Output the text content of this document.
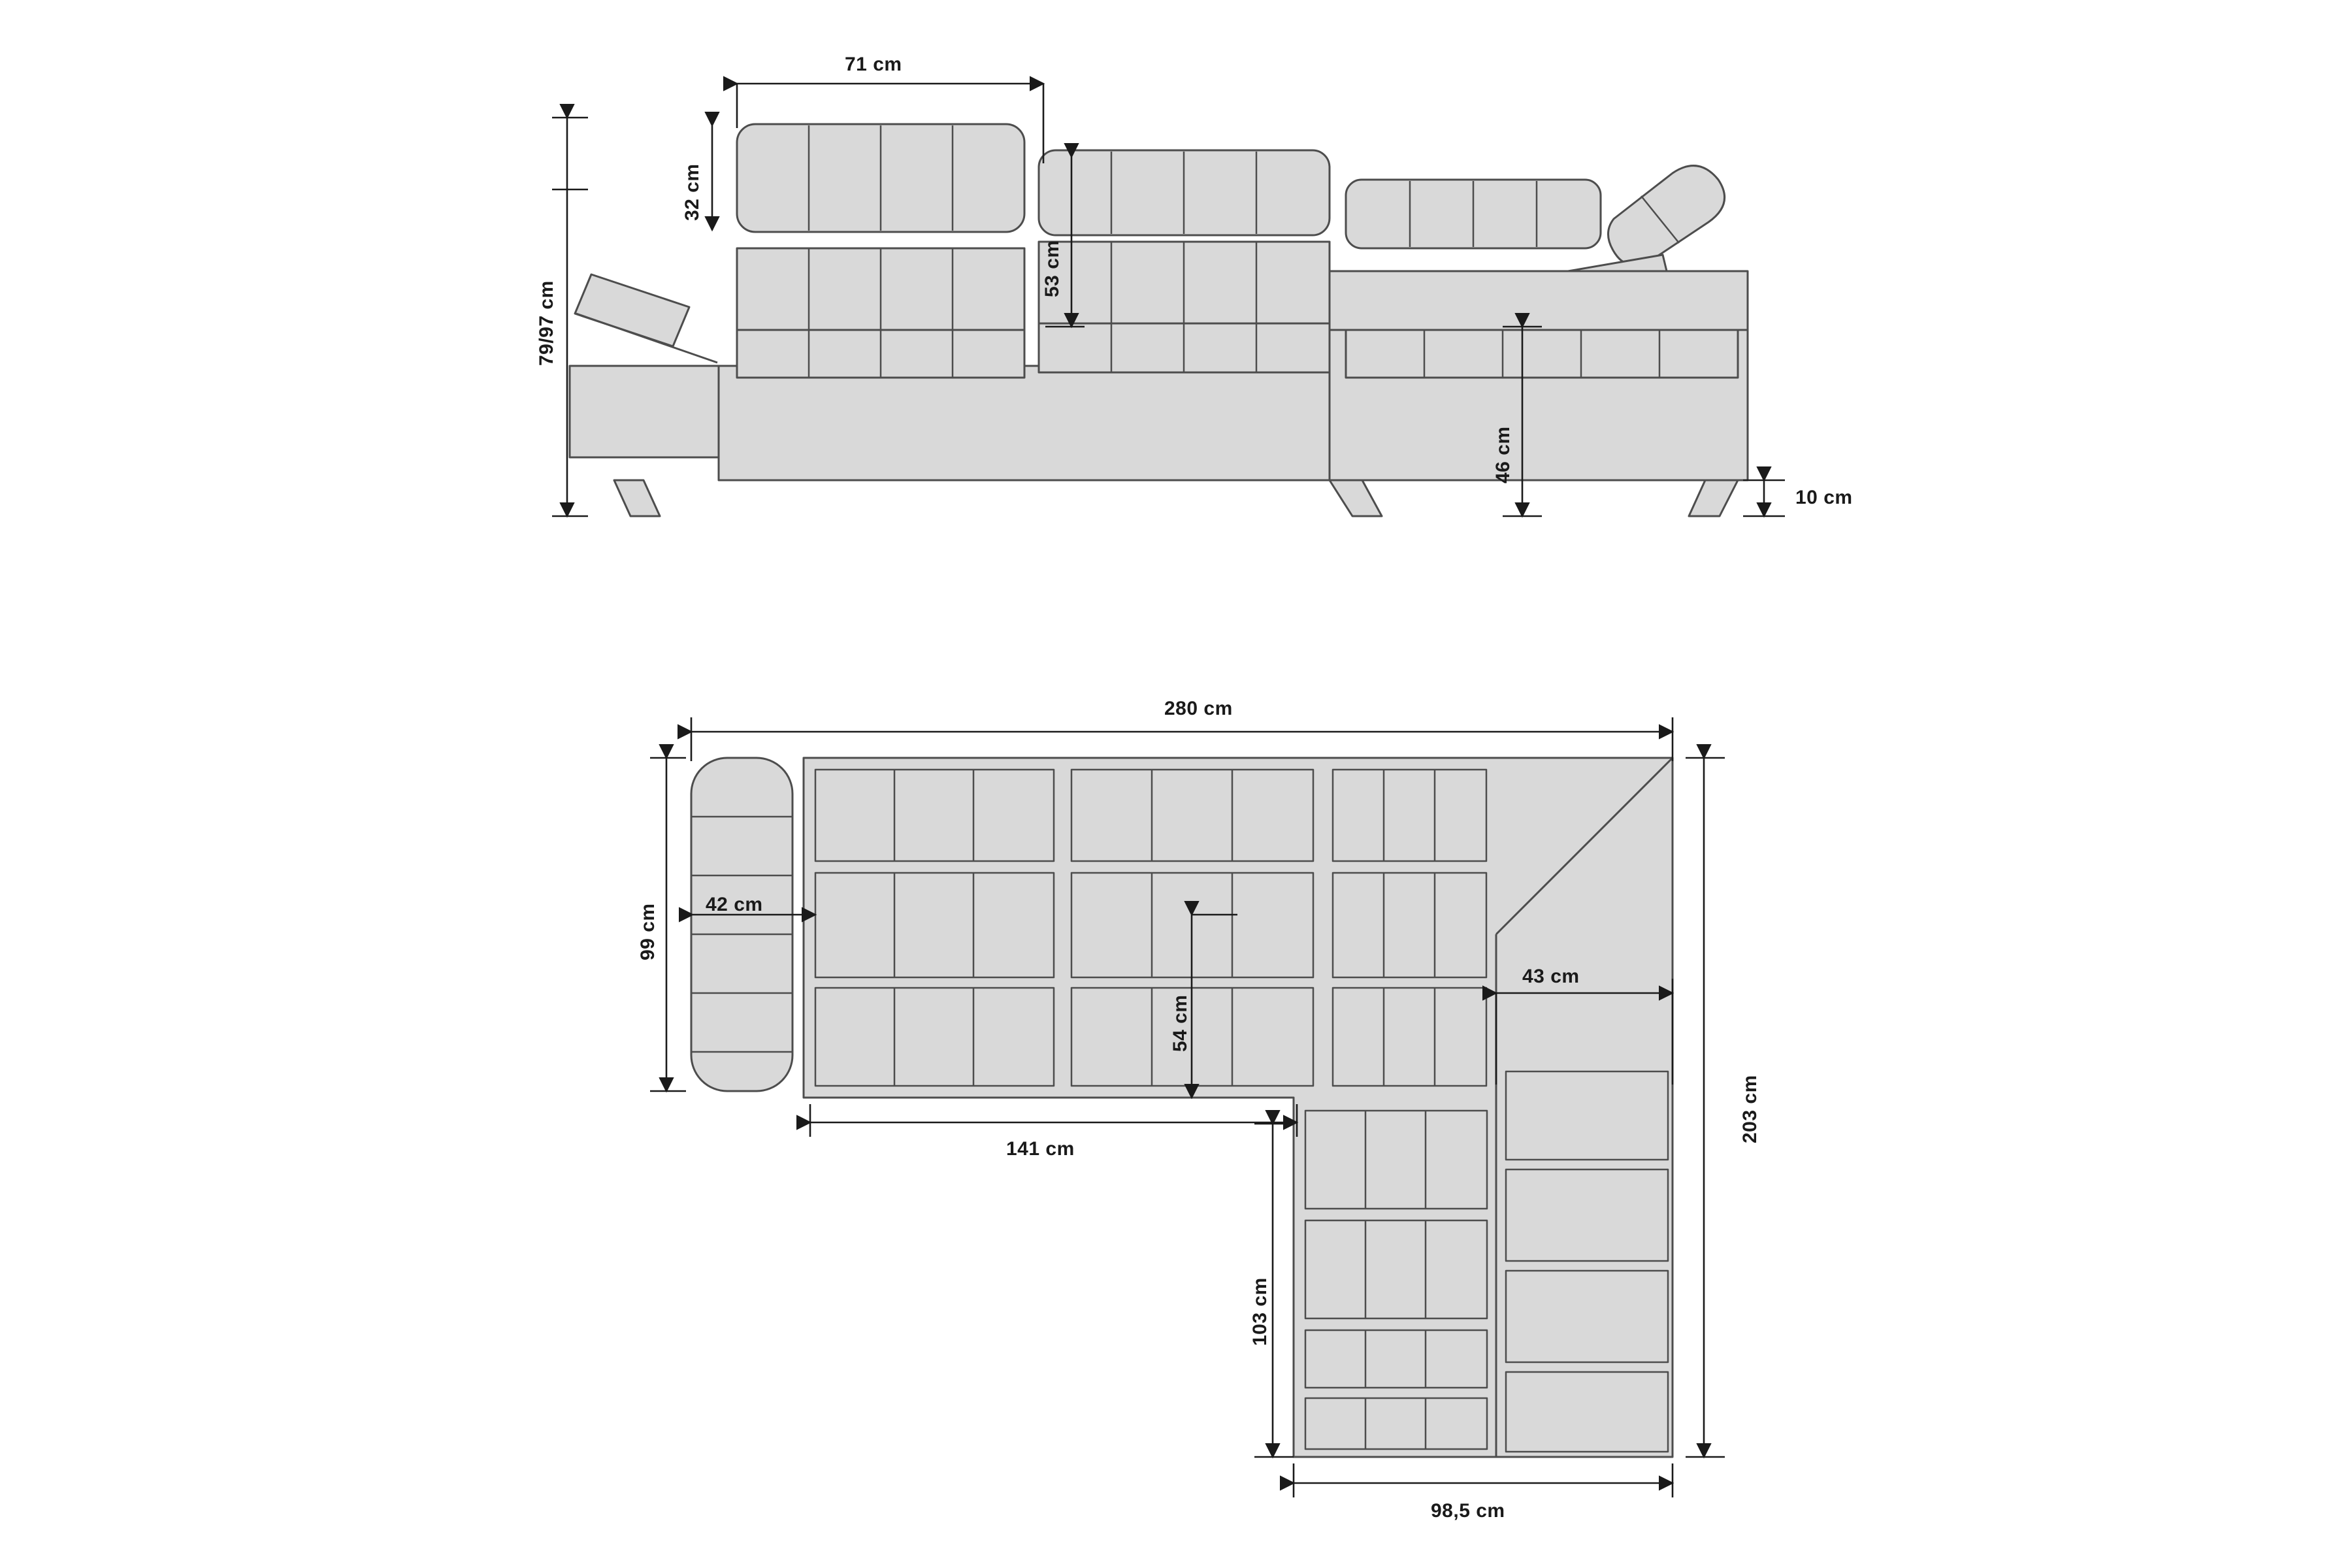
79/97 cm
71 cm
32 cm
53 cm
46 cm
10 cm
280 cm
203 cm
99 cm 42 cm
54 cm
141 cm
43 cm
103 cm
98,5 cm
